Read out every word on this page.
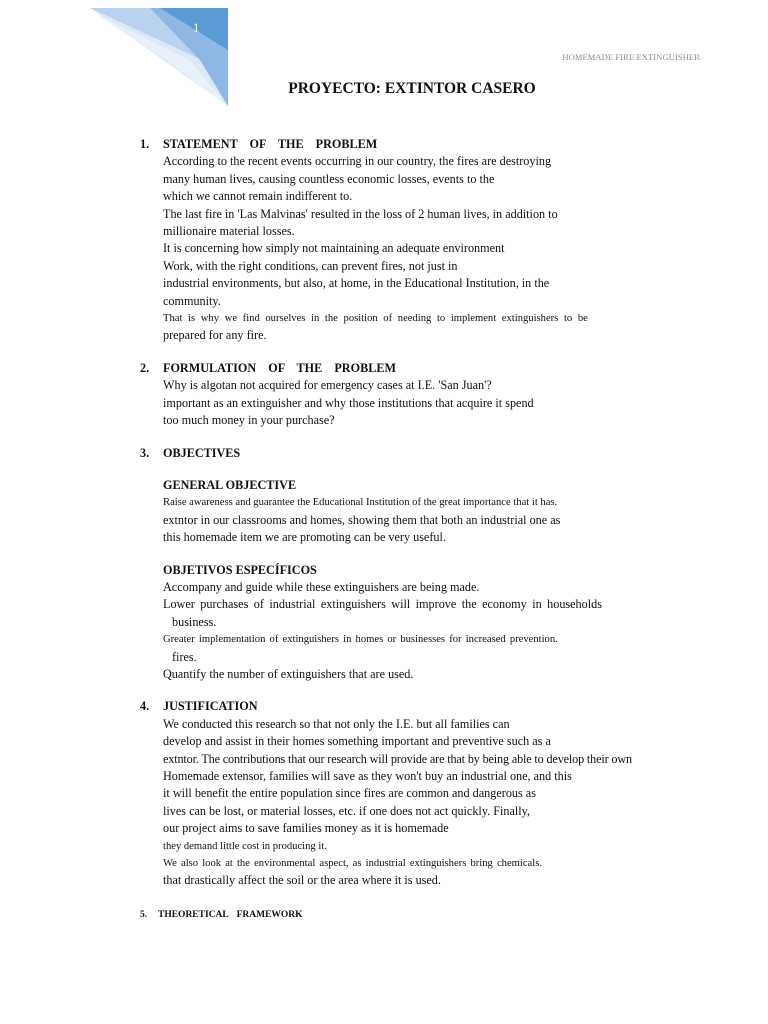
1
HOMEMADE FIRE EXTINGUISHER
PROYECTO: EXTINTOR CASERO
1.	STATEMENT OF THE PROBLEM

According to the recent events occurring in our country, the fires are destroying

many human lives, causing countless economic losses, events to the

which we cannot remain indifferent to.

The last fire in 'Las Malvinas' resulted in the loss of 2 human lives, in addition to

millionaire material losses.

It is concerning how simply not maintaining an adequate environment

Work, with the right conditions, can prevent fires, not just in

industrial environments, but also, at home, in the Educational Institution, in the

community.

That is why we find ourselves in the position of needing to implement extinguishers to be

prepared for any fire.

2.	FORMULATION OF THE PROBLEM

Why is algotan not acquired for emergency cases at I.E. 'San Juan'?

important as an extinguisher and why those institutions that acquire it spend

too much money in your purchase?

3.	OBJECTIVES

GENERAL OBJECTIVE

Raise awareness and guarantee the Educational Institution of the great importance that it has.

extntor in our classrooms and homes, showing them that both an industrial one as

this homemade item we are promoting can be very useful.

OBJETIVOS ESPECÍFICOS

Accompany and guide while these extinguishers are being made.

Lower purchases of industrial extinguishers will improve the economy in households

business.

Greater implementation of extinguishers in homes or businesses for increased prevention.

fires.

Quantify the number of extinguishers that are used.

4.	JUSTIFICATION

We conducted this research so that not only the I.E. but all families can

develop and assist in their homes something important and preventive such as a

extntor. The contributions that our research will provide are that by being able to develop their own

Homemade extensor, families will save as they won't buy an industrial one, and this

it will benefit the entire population since fires are common and dangerous as

lives can be lost, or material losses, etc. if one does not act quickly. Finally,

our project aims to save families money as it is homemade

they demand little cost in producing it.

We also look at the environmental aspect, as industrial extinguishers bring chemicals.

that drastically affect the soil or the area where it is used.

5.	THEORETICAL FRAMEWORK
